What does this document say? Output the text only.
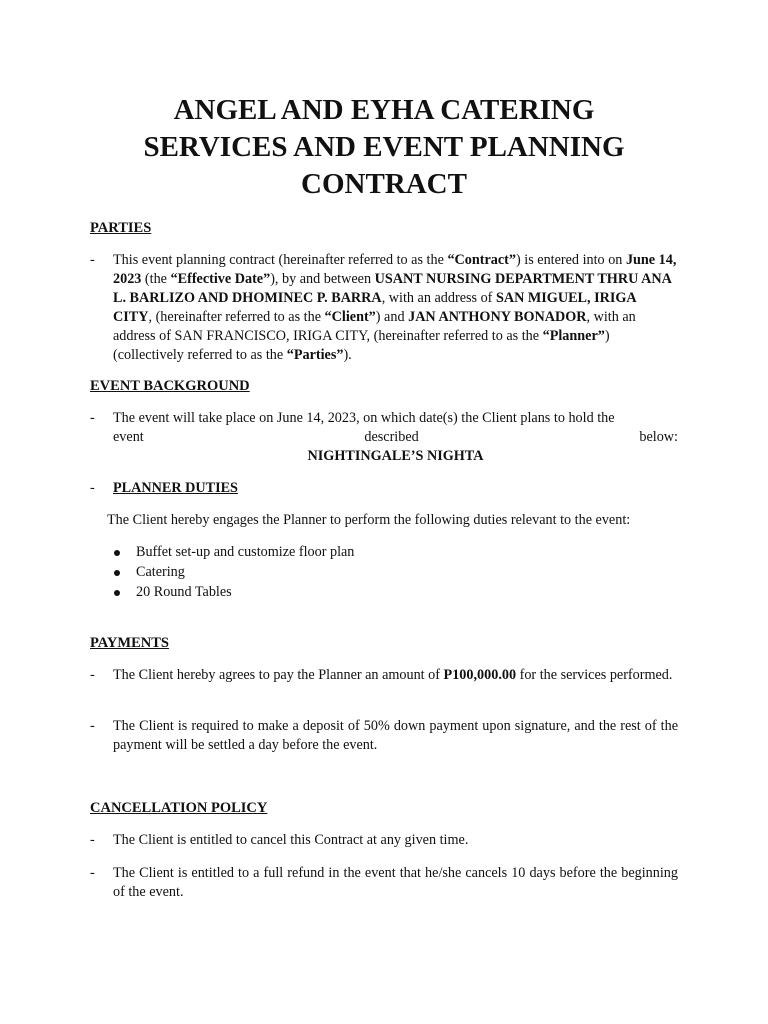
ANGEL AND EYHA CATERING
SERVICES AND EVENT PLANNING
CONTRACT
PARTIES
- This event planning contract (hereinafter referred to as the “Contract”) is entered into on June 14, 2023 (the “Effective Date”), by and between USANT NURSING DEPARTMENT THRU ANA L. BARLIZO AND DHOMINEC P. BARRA, with an address of SAN MIGUEL, IRIGA CITY, (hereinafter referred to as the “Client”) and JAN ANTHONY BONADOR, with an address of SAN FRANCISCO, IRIGA CITY, (hereinafter referred to as the “Planner”) (collectively referred to as the “Parties”).
EVENT BACKGROUND
- The event will take place on June 14, 2023, on which date(s) the Client plans to hold the
event	described	below:
NIGHTINGALE’S NIGHTA
- PLANNER DUTIES
The Client hereby engages the Planner to perform the following duties relevant to the event:
Buffet set-up and customize floor plan
Catering
20 Round Tables
PAYMENTS
- The Client hereby agrees to pay the Planner an amount of P100,000.00 for the services performed.
- The Client is required to make a deposit of 50% down payment upon signature, and the rest of the payment will be settled a day before the event.
CANCELLATION POLICY
- The Client is entitled to cancel this Contract at any given time.
- The Client is entitled to a full refund in the event that he/she cancels 10 days before the beginning of the event.
